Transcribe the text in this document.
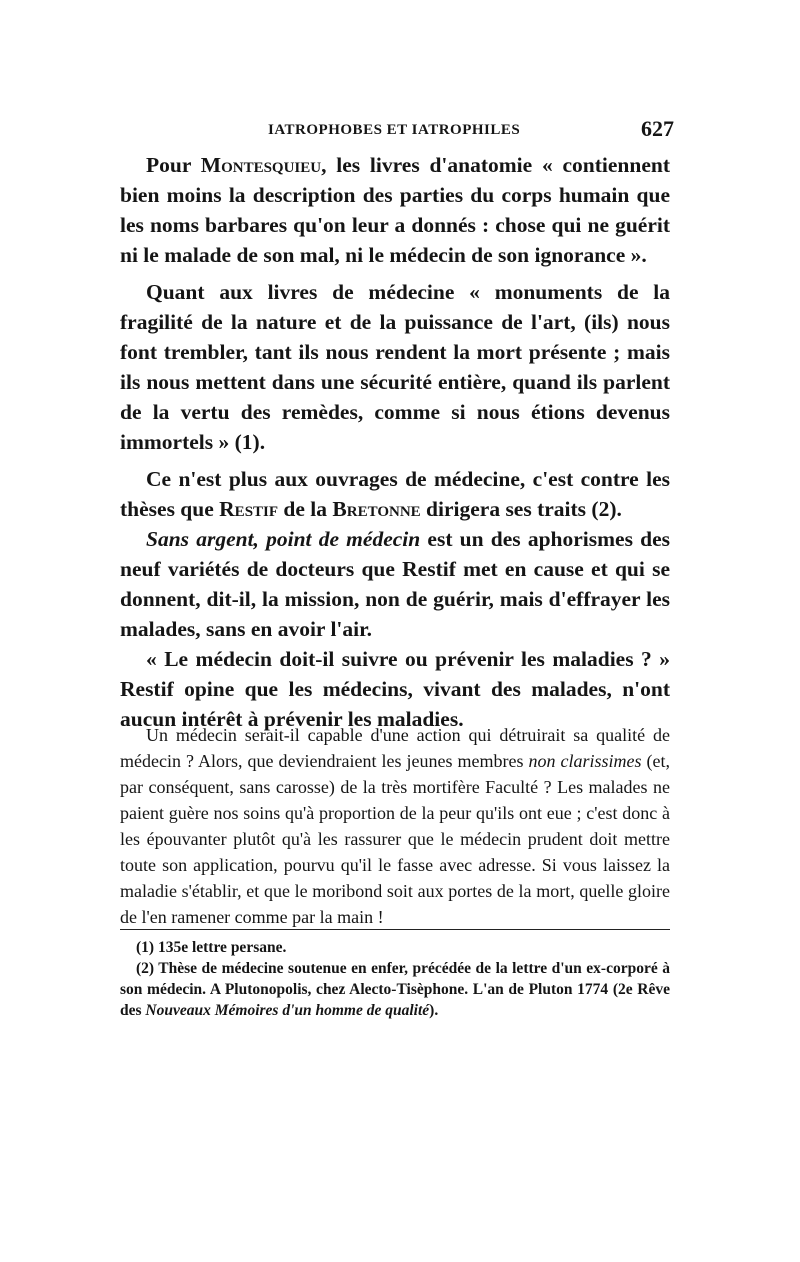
IATROPHOBES ET IATROPHILES	627

Pour Montesquieu, les livres d'anatomie « contiennent bien moins la description des parties du corps humain que les noms barbares qu'on leur a donnés : chose qui ne guérit ni le malade de son mal, ni le médecin de son ignorance ».

Quant aux livres de médecine « monuments de la fragilité de la nature et de la puissance de l'art, (ils) nous font trembler, tant ils nous rendent la mort présente ; mais ils nous mettent dans une sécurité entière, quand ils parlent de la vertu des remèdes, comme si nous étions devenus immortels » (1).

Ce n'est plus aux ouvrages de médecine, c'est contre les thèses que Restif de la Bretonne dirigera ses traits (2).

Sans argent, point de médecin est un des aphorismes des neuf variétés de docteurs que Restif met en cause et qui se donnent, dit-il, la mission, non de guérir, mais d'effrayer les malades, sans en avoir l'air.

« Le médecin doit-il suivre ou prévenir les maladies ? » Restif opine que les médecins, vivant des malades, n'ont aucun intérêt à prévenir les maladies.

Un médecin serait-il capable d'une action qui détruirait sa qualité de médecin ? Alors, que deviendraient les jeunes membres non clarissimes (et, par conséquent, sans carosse) de la très mortifère Faculté ? Les malades ne paient guère nos soins qu'à proportion de la peur qu'ils ont eue ; c'est donc à les épouvanter plutôt qu'à les rassurer que le médecin prudent doit mettre toute son application, pourvu qu'il le fasse avec adresse. Si vous laissez la maladie s'établir, et que le moribond soit aux portes de la mort, quelle gloire de l'en ramener comme par la main !

(1) 135e lettre persane.

(2) Thèse de médecine soutenue en enfer, précédée de la lettre d'un ex-corporé à son médecin. A Plutonopolis, chez Alecto-Tisèphone. L'an de Pluton 1774 (2e Rêve des Nouveaux Mémoires d'un homme de qualité).
